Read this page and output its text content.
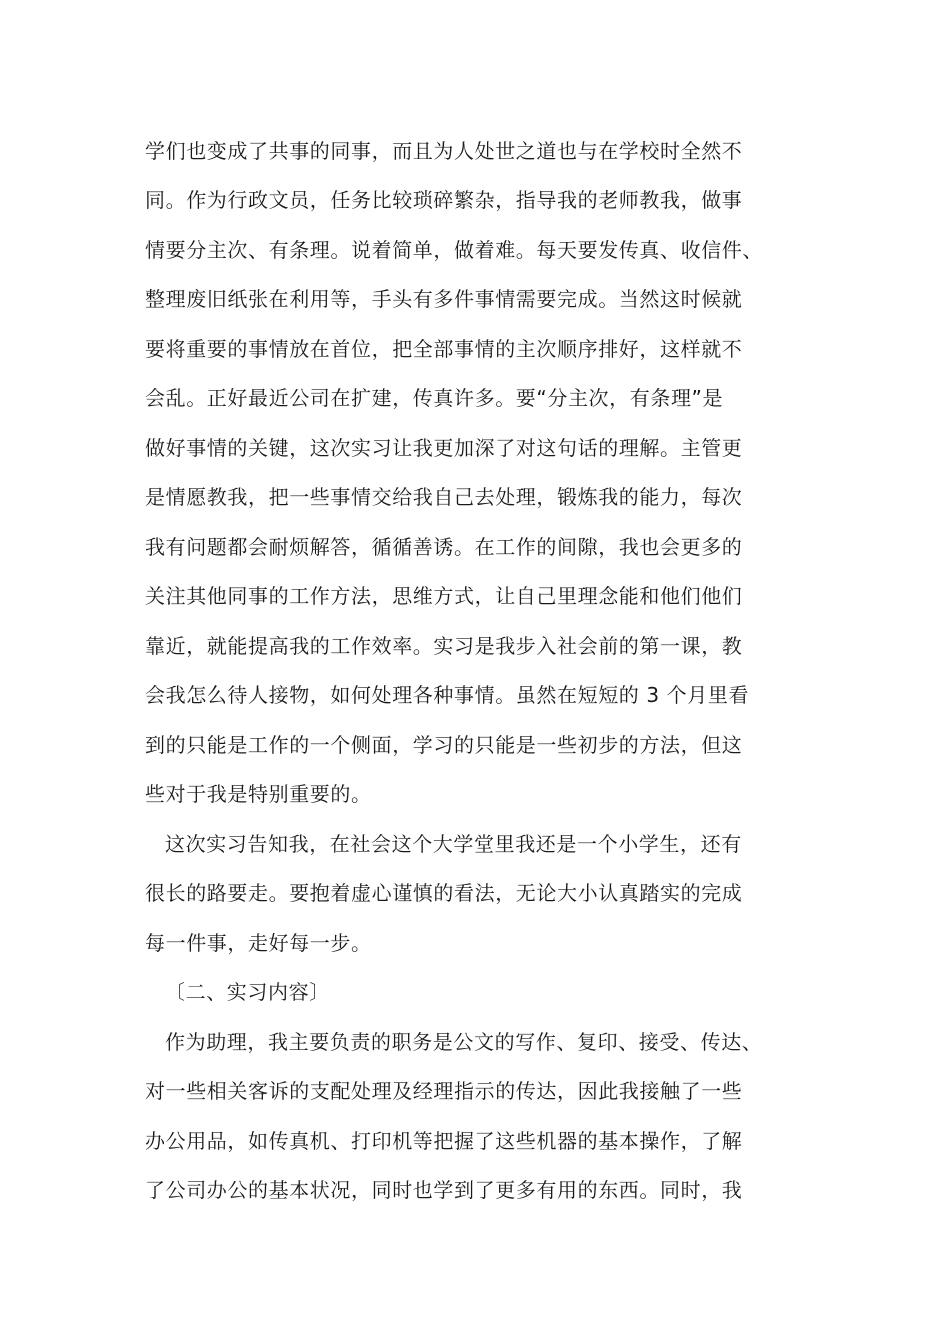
学们也变成了共事的同事，而且为人处世之道也与在学校时全然不
同。作为行政文员，任务比较琐碎繁杂，指导我的老师教我，做事
情要分主次、有条理。说着简单，做着难。每天要发传真、收信件、
整理废旧纸张在利用等，手头有多件事情需要完成。当然这时候就
要将重要的事情放在首位，把全部事情的主次顺序排好，这样就不
会乱。正好最近公司在扩建，传真许多。要“分主次，有条理”是
做好事情的关键，这次实习让我更加深了对这句话的理解。主管更
是情愿教我，把一些事情交给我自己去处理，锻炼我的能力，每次
我有问题都会耐烦解答，循循善诱。在工作的间隙，我也会更多的
关注其他同事的工作方法，思维方式，让自己里理念能和他们他们
靠近，就能提高我的工作效率。实习是我步入社会前的第一课，教
会我怎么待人接物，如何处理各种事情。虽然在短短的 3 个月里看
到的只能是工作的一个侧面，学习的只能是一些初步的方法，但这
些对于我是特别重要的。
这次实习告知我，在社会这个大学堂里我还是一个小学生，还有
很长的路要走。要抱着虚心谨慎的看法，无论大小认真踏实的完成
每一件事，走好每一步。
〔二、实习内容〕
作为助理，我主要负责的职务是公文的写作、复印、接受、传达、
对一些相关客诉的支配处理及经理指示的传达，因此我接触了一些
办公用品，如传真机、打印机等把握了这些机器的基本操作，了解
了公司办公的基本状况，同时也学到了更多有用的东西。同时，我
